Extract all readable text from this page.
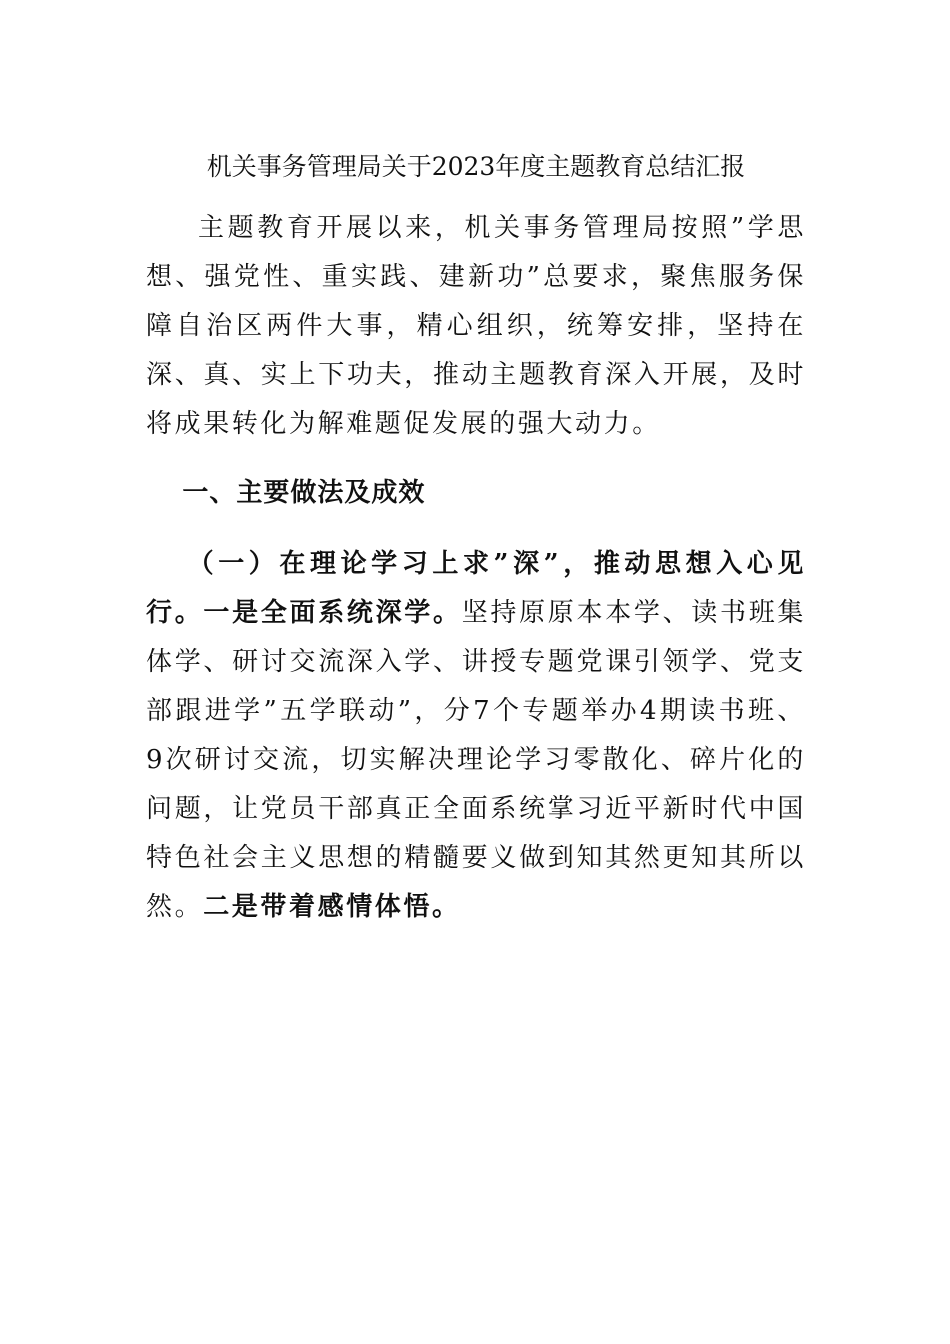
机关事务管理局关于2023年度主题教育总结汇报

主题教育开展以来，机关事务管理局按照”学思想、强党性、重实践、建新功”总要求，聚焦服务保障自治区两件大事，精心组织，统筹安排，坚持在深、真、实上下功夫，推动主题教育深入开展，及时将成果转化为解难题促发展的强大动力。

一、主要做法及成效

（一）在理论学习上求”深”，推动思想入心见行。一是全面系统深学。坚持原原本本学、读书班集体学、研讨交流深入学、讲授专题党课引领学、党支部跟进学”五学联动”，分7个专题举办4期读书班、9次研讨交流，切实解决理论学习零散化、碎片化的问题，让党员干部真正全面系统掌习近平新时代中国特色社会主义思想的精髓要义做到知其然更知其所以然。二是带着感情体悟。
